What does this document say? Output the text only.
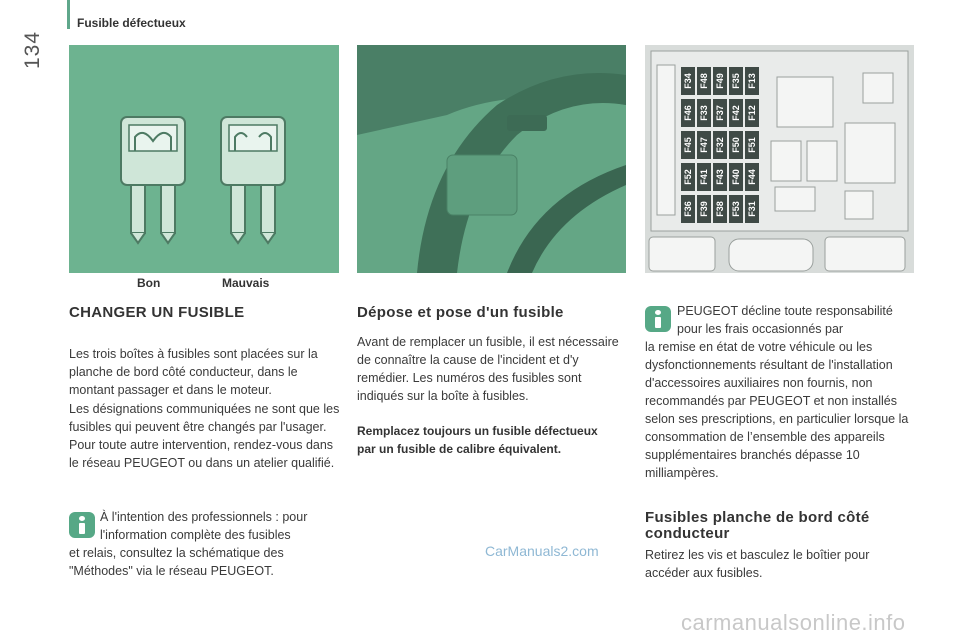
134
Fusible défectueux
Bon	Mauvais
F34 F48 F49 F35 F13
F46 F33 F37 F42 F12
F45 F47 F32 F50 F51
F52 F41 F43 F40 F44
F36 F39 F38 F53 F31
CHANGER UN FUSIBLE

Les trois boîtes à fusibles sont placées sur la planche de bord côté conducteur, dans le montant passager et dans le moteur.

Les désignations communiquées ne sont que les fusibles qui peuvent être changés par l'usager. Pour toute autre intervention, rendez-vous dans le réseau PEUGEOT ou dans un atelier qualifié.

À l'intention des professionnels : pour

l'information complète des fusibles

et relais, consultez la schématique des "Méthodes" via le réseau PEUGEOT.

Dépose et pose d'un fusible

Avant de remplacer un fusible, il est nécessaire de connaître la cause de l'incident et d'y remédier. Les numéros des fusibles sont indiqués sur la boîte à fusibles.

Remplacez toujours un fusible défectueux par un fusible de calibre équivalent.

PEUGEOT décline toute responsabilité

pour les frais occasionnés par

la remise en état de votre véhicule ou les dysfonctionnements résultant de l'installation d'accessoires auxiliaires non fournis, non recommandés par PEUGEOT et non installés selon ses prescriptions, en particulier lorsque la consommation de l’ensemble des appareils supplémentaires branchés dépasse 10 milliampères.

Fusibles planche de bord côté conducteur

Retirez les vis et basculez le boîtier pour accéder aux fusibles.

CarManuals2.com
carmanualsonline.info
